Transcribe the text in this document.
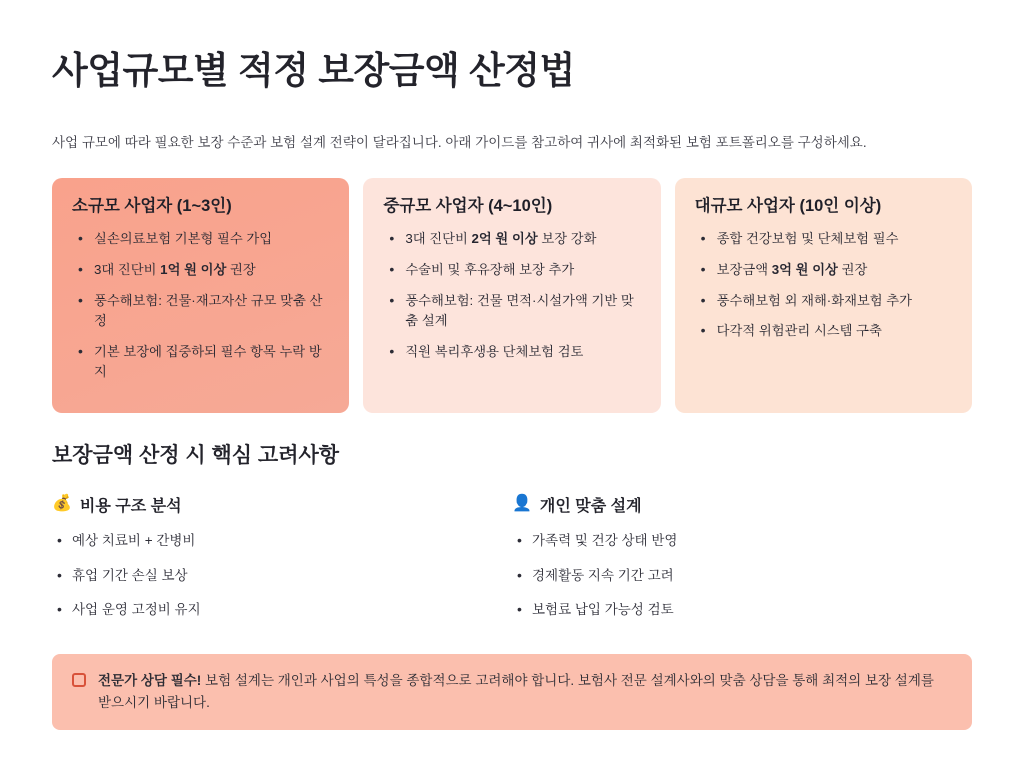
사업규모별 적정 보장금액 산정법

사업 규모에 따라 필요한 보장 수준과 보험 설계 전략이 달라집니다. 아래 가이드를 참고하여 귀사에 최적화된 보험 포트폴리오를 구성하세요.

소규모 사업자 (1~3인)
• 실손의료보험 기본형 필수 가입
• 3대 진단비 1억 원 이상 권장
• 풍수해보험: 건물·재고자산 규모 맞춤 산정
• 기본 보장에 집중하되 필수 항목 누락 방지
중규모 사업자 (4~10인)
• 3대 진단비 2억 원 이상 보장 강화
• 수술비 및 후유장해 보장 추가
• 풍수해보험: 건물 면적·시설가액 기반 맞춤 설계
• 직원 복리후생용 단체보험 검토
대규모 사업자 (10인 이상)
• 종합 건강보험 및 단체보험 필수
• 보장금액 3억 원 이상 권장
• 풍수해보험 외 재해·화재보험 추가
• 다각적 위험관리 시스템 구축
보장금액 산정 시 핵심 고려사항
💰 비용 구조 분석
• 예상 치료비 + 간병비
• 휴업 기간 손실 보상
• 사업 운영 고정비 유지
👤 개인 맞춤 설계
• 가족력 및 건강 상태 반영
• 경제활동 지속 기간 고려
• 보험료 납입 가능성 검토
전문가 상담 필수! 보험 설계는 개인과 사업의 특성을 종합적으로 고려해야 합니다. 보험사 전문 설계사와의 맞춤 상담을 통해 최적의 보장 설계를 받으시기 바랍니다.
